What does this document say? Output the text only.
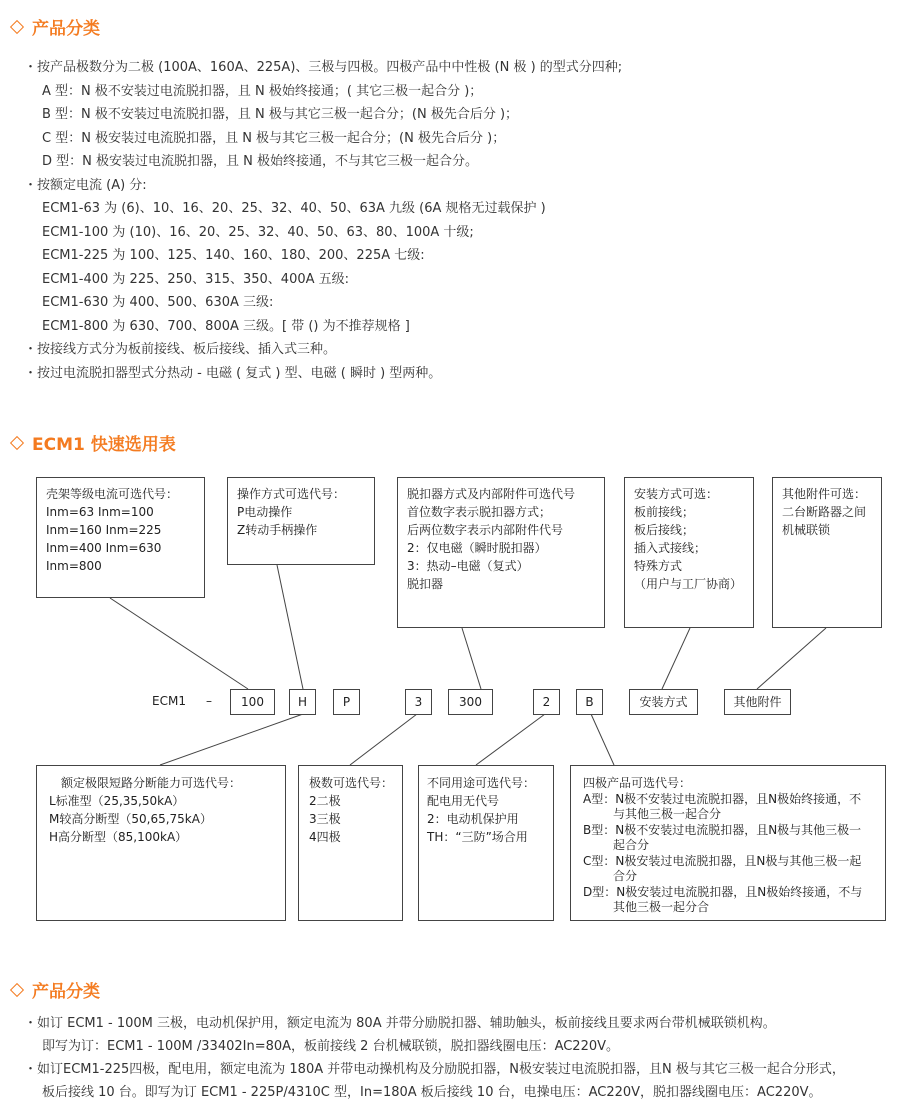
产品分类
・按产品极数分为二极 (100A、160A、225A)、三极与四极。四极产品中中性极 (N 极 ) 的型式分四种;
A 型：N 极不安装过电流脱扣器，且 N 极始终接通；( 其它三极一起合分 )；
B 型：N 极不安装过电流脱扣器，且 N 极与其它三极一起合分；(N 极先合后分 )；
C 型：N 极安装过电流脱扣器，且 N 极与其它三极一起合分；(N 极先合后分 )；
D 型：N 极安装过电流脱扣器，且 N 极始终接通，不与其它三极一起合分。
・按额定电流 (A) 分:
ECM1-63 为 (6)、10、16、20、25、32、40、50、63A 九级 (6A 规格无过载保护 )
ECM1-100 为 (10)、16、20、25、32、40、50、63、80、100A 十级;
ECM1-225 为 100、125、140、160、180、200、225A 七级:
ECM1-400 为 225、250、315、350、400A 五级:
ECM1-630 为 400、500、630A 三级:
ECM1-800 为 630、700、800A 三级。[ 带 () 为不推荐规格 ]
・按接线方式分为板前接线、板后接线、插入式三种。
・按过电流脱扣器型式分热动 - 电磁 ( 复式 ) 型、电磁 ( 瞬时 ) 型两种。
ECM1 快速选用表
壳架等级电流可选代号：
Inm=63 Inm=100
Inm=160 Inm=225
Inm=400 Inm=630
Inm=800
操作方式可选代号：
P电动操作
Z转动手柄操作
脱扣器方式及内部附件可选代号
首位数字表示脱扣器方式；
后两位数字表示内部附件代号
2：仅电磁（瞬时脱扣器）
3：热动–电磁（复式）
脱扣器
安装方式可选：
板前接线；
板后接线；
插入式接线；
特殊方式
（用户与工厂协商）
其他附件可选：
二台断路器之间
机械联锁
ECM1 –	100	H	P	3	300	2	B	安装方式	其他附件
额定极限短路分断能力可选代号：
L标准型（25,35,50kA）
M较高分断型（50,65,75kA）
H高分断型（85,100kA）
极数可选代号：
2二极
3三极
4四极
不同用途可选代号：
配电用无代号
2：电动机保护用
TH：“三防”场合用
四极产品可选代号：
A型：N极不安装过电流脱扣器，且N极始终接通，不
与其他三极一起合分
B型：N极不安装过电流脱扣器，且N极与其他三极一
起合分
C型：N极安装过电流脱扣器，且N极与其他三极一起
合分
D型：N极安装过电流脱扣器，且N极始终接通，不与
其他三极一起分合
产品分类
・如订 ECM1 - 100M 三极，电动机保护用，额定电流为 80A 并带分励脱扣器、辅助触头，板前接线且要求两台带机械联锁机构。
即写为订：ECM1 - 100M /33402In=80A，板前接线 2 台机械联锁，脱扣器线圈电压：AC220V。
・如订ECM1-225四极，配电用，额定电流为 180A 并带电动操机构及分励脱扣器，N极安装过电流脱扣器，且N 极与其它三极一起合分形式，
板后接线 10 台。即写为订 ECM1 - 225P/4310C 型，In=180A 板后接线 10 台，电操电压：AC220V，脱扣器线圈电压：AC220V。
